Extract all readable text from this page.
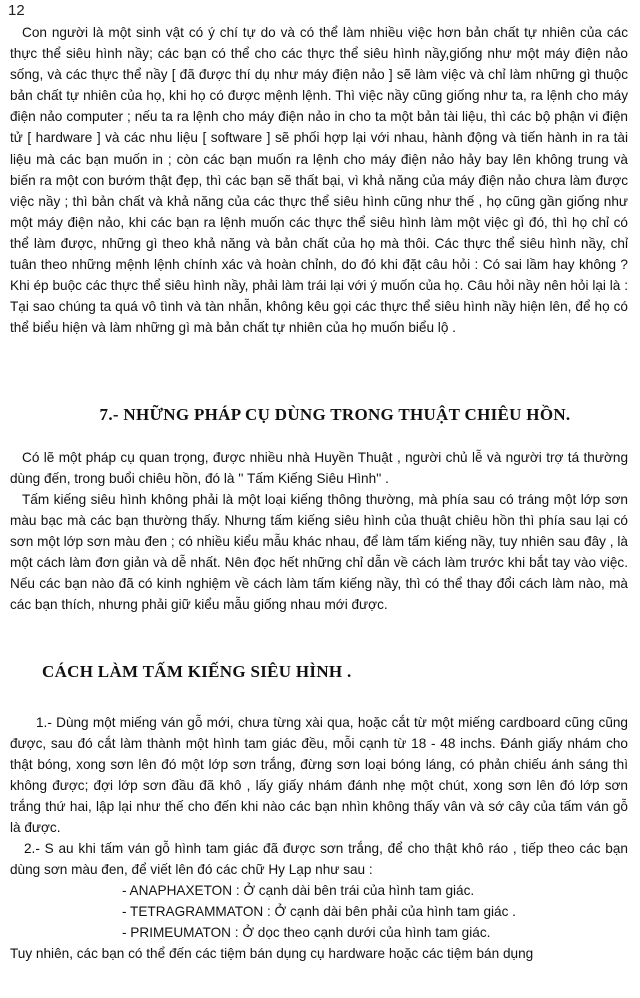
12

Con người là một sinh vật có ý chí tự do và có thể làm nhiều việc hơn bản chất tự nhiên của các thực thể siêu hình nầy; các bạn có thể cho các thực thể siêu hình nầy,giống như một máy điện nảo sống, và các thực thể nầy [ đã được thí dụ như máy điện nảo ] sẽ làm việc và chỉ làm những gì thuộc bản chất tự nhiên của họ, khi họ có được mệnh lệnh. Thì việc nầy cũng giống như ta, ra lệnh cho máy điện nảo computer ; nếu ta ra lệnh cho máy điện nảo in cho ta một bản tài liệu, thì các bộ phận vi điện tử [ hardware ] và các nhu liệu [ software ] sẽ phối hợp lại với nhau, hành động và tiến hành in ra tài liệu mà các bạn muốn in ; còn các bạn muốn ra lệnh cho máy điện nảo hảy bay lên không trung và biến ra một con bướm thật đẹp, thì các bạn sẽ thất bại, vì khả năng của máy điện nảo chưa làm được việc nầy ; thì bản chất và khả năng của các thực thể siêu hình cũng như thế , họ cũng gần giống như một máy điện nảo, khi các bạn ra lệnh muốn các thực thể siêu hình làm một việc gì đó, thì họ chỉ có thể làm được, những gì theo khả năng và bản chất của họ mà thôi. Các thực thể siêu hình nầy, chỉ tuân theo những mệnh lệnh chính xác và hoàn chỉnh, do đó khi đặt câu hỏi : Có sai lầm hay không ? Khi ép buộc các thực thể siêu hình nầy, phải làm trái lại với ý muốn của họ. Câu hỏi nầy nên hỏi lại là : Tại sao chúng ta quá vô tình và tàn nhẫn, không kêu gọi các thực thể siêu hình nầy hiện lên, để họ có thể biểu hiện và làm những gì mà bản chất tự nhiên của họ muốn biểu lộ .

7.- NHỮNG PHÁP CỤ DÙNG TRONG THUẬT CHIÊU HỒN.

Có lẽ một pháp cụ quan trọng, được nhiều nhà Huyền Thuật , người chủ lễ và người trợ tá thường dùng đến, trong buổi chiêu hồn, đó là '' Tấm Kiếng Siêu Hình'' .

Tấm kiếng siêu hình không phải là một loại kiếng thông thường, mà phía sau có tráng một lớp sơn màu bạc mà các bạn thường thấy. Nhưng tấm kiếng siêu hình của thuật chiêu hồn thì phía sau lại có sơn một lớp sơn màu đen ; có nhiều kiểu mẫu khác nhau, để làm tấm kiếng nầy, tuy nhiên sau đây , là một cách làm đơn giản và dễ nhất. Nên đọc hết những chỉ dẫn về cách làm trước khi bắt tay vào việc. Nếu các bạn nào đã có kinh nghiệm về cách làm tấm kiếng nầy, thì có thể thay đổi cách làm nào, mà các bạn thích, nhưng phải giữ kiểu mẫu giống nhau mới được.

CÁCH LÀM TẤM KIẾNG SIÊU HÌNH .

1.- Dùng một miếng ván gỗ mới, chưa từng xài qua, hoặc cắt từ một miếng cardboard cũng cũng được, sau đó cắt làm thành một hình tam giác đều, mỗi cạnh từ 18 - 48 inchs. Đánh giấy nhám cho thật bóng, xong sơn lên đó một lớp sơn trắng, đừng sơn loại bóng láng, có phản chiếu ánh sáng thì không được; đợi lớp sơn đầu đã khô , lấy giấy nhám đánh nhẹ một chút, xong sơn lên đó lớp sơn trắng thứ hai, lập lại như thế cho đến khi nào các bạn nhìn không thấy vân và sớ cây của tấm ván gỗ là được.

2.- S au khi tấm ván gỗ hình tam giác đã được sơn trắng, để cho thật khô ráo , tiếp theo các bạn dùng sơn màu đen, để viết lên đó các chữ Hy Lạp như sau :

- ANAPHAXETON : Ở cạnh dài bên trái của hình tam giác.
- TETRAGRAMMATON : Ở cạnh dài bên phải của hình tam giác .
- PRIMEUMATON : Ở dọc theo cạnh dưới của hình tam giác.

Tuy nhiên, các bạn có thể đến các tiệm bán dụng cụ hardware hoặc các tiệm bán dụng
